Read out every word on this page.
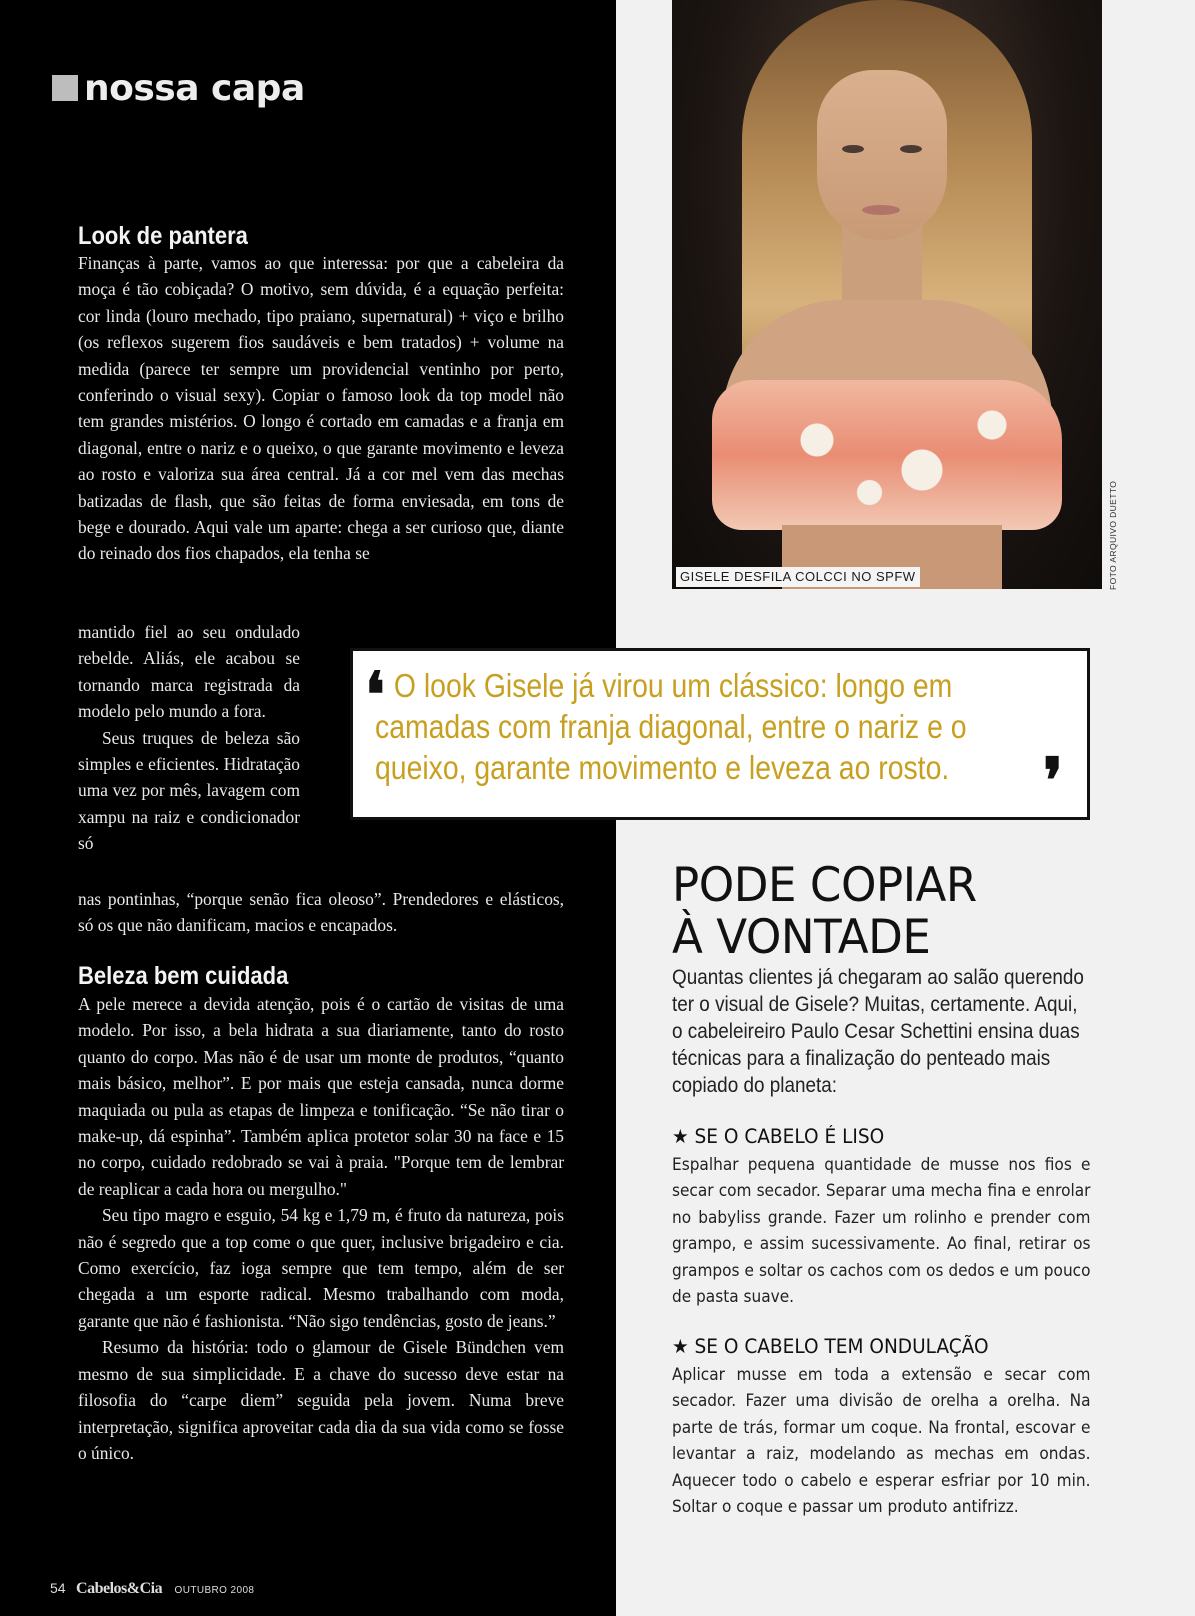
nossa capa
Look de pantera

Finanças à parte, vamos ao que interessa: por que a cabeleira da moça é tão cobiçada? O motivo, sem dúvida, é a equação perfeita: cor linda (louro mechado, tipo praiano, supernatural) + viço e brilho (os reflexos sugerem fios saudáveis e bem tratados) + volume na medida (parece ter sempre um providencial ventinho por perto, conferindo o visual sexy). Copiar o famoso look da top model não tem grandes mistérios. O longo é cortado em camadas e a franja em diagonal, entre o nariz e o queixo, o que garante movimento e leveza ao rosto e valoriza sua área central. Já a cor mel vem das mechas batizadas de flash, que são feitas de forma enviesada, em tons de bege e dourado. Aqui vale um aparte: chega a ser curioso que, diante do reinado dos fios chapados, ela tenha se

mantido fiel ao seu ondulado rebelde. Aliás, ele acabou se tornando marca registrada da modelo pelo mundo a fora.

Seus truques de beleza são simples e eficientes. Hidratação uma vez por mês, lavagem com xampu na raiz e condicionador só

nas pontinhas, “porque senão fica oleoso”. Prendedores e elásticos, só os que não danificam, macios e encapados.

Beleza bem cuidada

A pele merece a devida atenção, pois é o cartão de visitas de uma modelo. Por isso, a bela hidrata a sua diariamente, tanto do rosto quanto do corpo. Mas não é de usar um monte de produtos, “quanto mais básico, melhor”. E por mais que esteja cansada, nunca dorme maquiada ou pula as etapas de limpeza e tonificação. “Se não tirar o make-up, dá espinha”. Também aplica protetor solar 30 na face e 15 no corpo, cuidado redobrado se vai à praia. "Porque tem de lembrar de reaplicar a cada hora ou mergulho."

Seu tipo magro e esguio, 54 kg e 1,79 m, é fruto da natureza, pois não é segredo que a top come o que quer, inclusive brigadeiro e cia. Como exercício, faz ioga sempre que tem tempo, além de ser chegada a um esporte radical. Mesmo trabalhando com moda, garante que não é fashionista. “Não sigo tendências, gosto de jeans.”

Resumo da história: todo o glamour de Gisele Bündchen vem mesmo de sua simplicidade. E a chave do sucesso deve estar na filosofia do “carpe diem” seguida pela jovem. Numa breve interpretação, significa aproveitar cada dia da sua vida como se fosse o único.

GISELE DESFILA COLCCI NO SPFW	FOTO ARQUIVO DUETTO
❛ O look Gisele já virou um clássico: longo em camadas com franja diagonal, entre o nariz e o queixo, garante movimento e leveza ao rosto.	❜
PODE COPIAR
À VONTADE

Quantas clientes já chegaram ao salão querendo ter o visual de Gisele? Muitas, certamente. Aqui, o cabeleireiro Paulo Cesar Schettini ensina duas técnicas para a finalização do penteado mais copiado do planeta:

★ SE O CABELO É LISO

Espalhar pequena quantidade de musse nos fios e secar com secador. Separar uma mecha fina e enrolar no babyliss grande. Fazer um rolinho e prender com grampo, e assim sucessivamente. Ao final, retirar os grampos e soltar os cachos com os dedos e um pouco de pasta suave.

★ SE O CABELO TEM ONDULAÇÃO

Aplicar musse em toda a extensão e secar com secador. Fazer uma divisão de orelha a orelha. Na parte de trás, formar um coque. Na frontal, escovar e levantar a raiz, modelando as mechas em ondas. Aquecer todo o cabelo e esperar esfriar por 10 min. Soltar o coque e passar um produto antifrizz.

54 Cabelos&Cia OUTUBRO 2008
